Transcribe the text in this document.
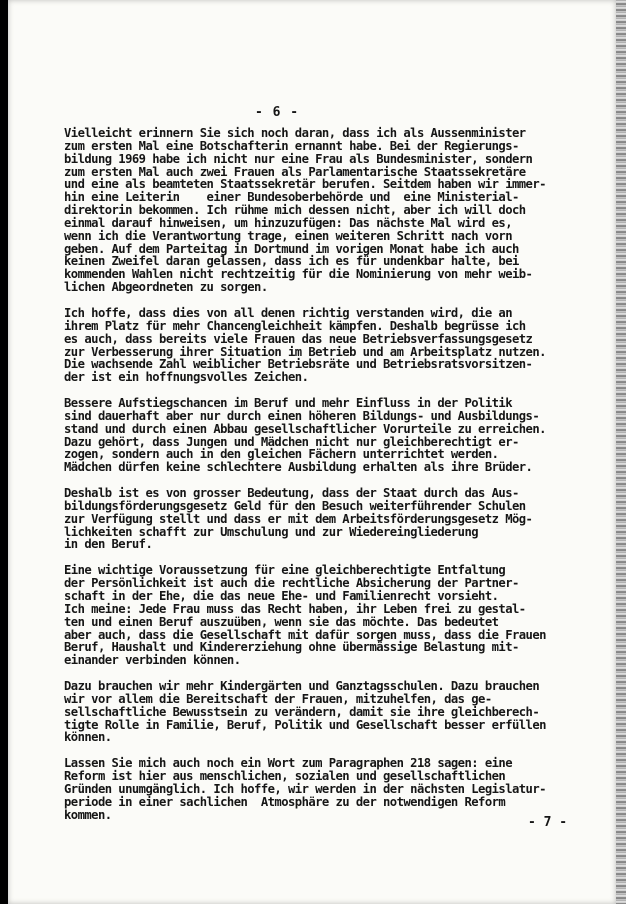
- 6 -
Vielleicht erinnern Sie sich noch daran, dass ich als Aussenminister
zum ersten Mal eine Botschafterin ernannt habe. Bei der Regierungs-
bildung 1969 habe ich nicht nur eine Frau als Bundesminister, sondern
zum ersten Mal auch zwei Frauen als Parlamentarische Staatssekretäre
und eine als beamteten Staatssekretär berufen. Seitdem haben wir immer-
hin eine Leiterin    einer Bundesoberbehörde und  eine Ministerial-
direktorin bekommen. Ich rühme mich dessen nicht, aber ich will doch
einmal darauf hinweisen, um hinzuzufügen: Das nächste Mal wird es,
wenn ich die Verantwortung trage, einen weiteren Schritt nach vorn
geben. Auf dem Parteitag in Dortmund im vorigen Monat habe ich auch
keinen Zweifel daran gelassen, dass ich es für undenkbar halte, bei
kommenden Wahlen nicht rechtzeitig für die Nominierung von mehr weib-
lichen Abgeordneten zu sorgen.
Ich hoffe, dass dies von all denen richtig verstanden wird, die an
ihrem Platz für mehr Chancengleichheit kämpfen. Deshalb begrüsse ich
es auch, dass bereits viele Frauen das neue Betriebsverfassungsgesetz
zur Verbesserung ihrer Situation im Betrieb und am Arbeitsplatz nutzen.
Die wachsende Zahl weiblicher Betriebsräte und Betriebsratsvorsitzen-
der ist ein hoffnungsvolles Zeichen.
Bessere Aufstiegschancen im Beruf und mehr Einfluss in der Politik
sind dauerhaft aber nur durch einen höheren Bildungs- und Ausbildungs-
stand und durch einen Abbau gesellschaftlicher Vorurteile zu erreichen.
Dazu gehört, dass Jungen und Mädchen nicht nur gleichberechtigt er-
zogen, sondern auch in den gleichen Fächern unterrichtet werden.
Mädchen dürfen keine schlechtere Ausbildung erhalten als ihre Brüder.
Deshalb ist es von grosser Bedeutung, dass der Staat durch das Aus-
bildungsförderungsgesetz Geld für den Besuch weiterführender Schulen
zur Verfügung stellt und dass er mit dem Arbeitsförderungsgesetz Mög-
lichkeiten schafft zur Umschulung und zur Wiedereingliederung
in den Beruf.
Eine wichtige Voraussetzung für eine gleichberechtigte Entfaltung
der Persönlichkeit ist auch die rechtliche Absicherung der Partner-
schaft in der Ehe, die das neue Ehe- und Familienrecht vorsieht.
Ich meine: Jede Frau muss das Recht haben, ihr Leben frei zu gestal-
ten und einen Beruf auszuüben, wenn sie das möchte. Das bedeutet
aber auch, dass die Gesellschaft mit dafür sorgen muss, dass die Frauen
Beruf, Haushalt und Kindererziehung ohne übermässige Belastung mit-
einander verbinden können.
Dazu brauchen wir mehr Kindergärten und Ganztagsschulen. Dazu brauchen
wir vor allem die Bereitschaft der Frauen, mitzuhelfen, das ge-
sellschaftliche Bewusstsein zu verändern, damit sie ihre gleichberech-
tigte Rolle in Familie, Beruf, Politik und Gesellschaft besser erfüllen
können.
Lassen Sie mich auch noch ein Wort zum Paragraphen 218 sagen: eine
Reform ist hier aus menschlichen, sozialen und gesellschaftlichen
Gründen unumgänglich. Ich hoffe, wir werden in der nächsten Legislatur-
periode in einer sachlichen  Atmosphäre zu der notwendigen Reform
kommen.
- 7 -
